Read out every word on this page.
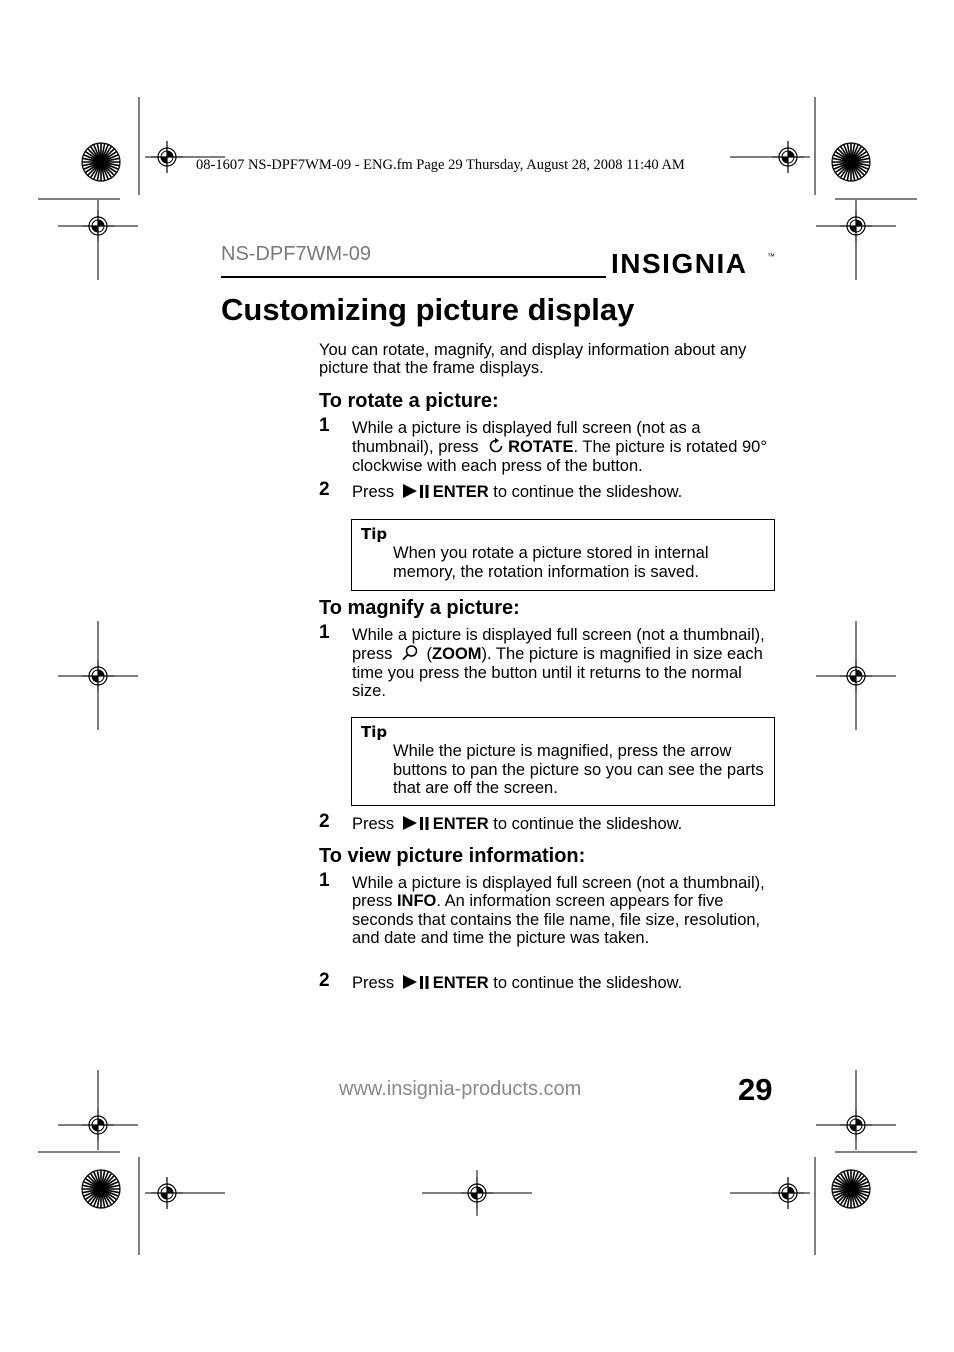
08-1607 NS-DPF7WM-09 - ENG.fm Page 29 Thursday, August 28, 2008 11:40 AM
NS-DPF7WM-09	INSIGNIA ™
Customizing picture display

You can rotate, magnify, and display information about any picture that the frame displays.

To rotate a picture:
1 While a picture is displayed full screen (not as a thumbnail), press ROTATE. The picture is rotated 90° clockwise with each press of the button.

2 Press ENTER to continue the slideshow.

Tip

When you rotate a picture stored in internal memory, the rotation information is saved.

To magnify a picture:
1 While a picture is displayed full screen (not a thumbnail), press  (ZOOM). The picture is magnified in size each time you press the button until it returns to the normal size.

Tip

While the picture is magnified, press the arrow buttons to pan the picture so you can see the parts that are off the screen.

2 Press ENTER to continue the slideshow.

To view picture information:
1 While a picture is displayed full screen (not a thumbnail), press INFO. An information screen appears for five seconds that contains the file name, file size, resolution, and date and time the picture was taken.

2 Press ENTER to continue the slideshow.

www.insignia-products.com	29
